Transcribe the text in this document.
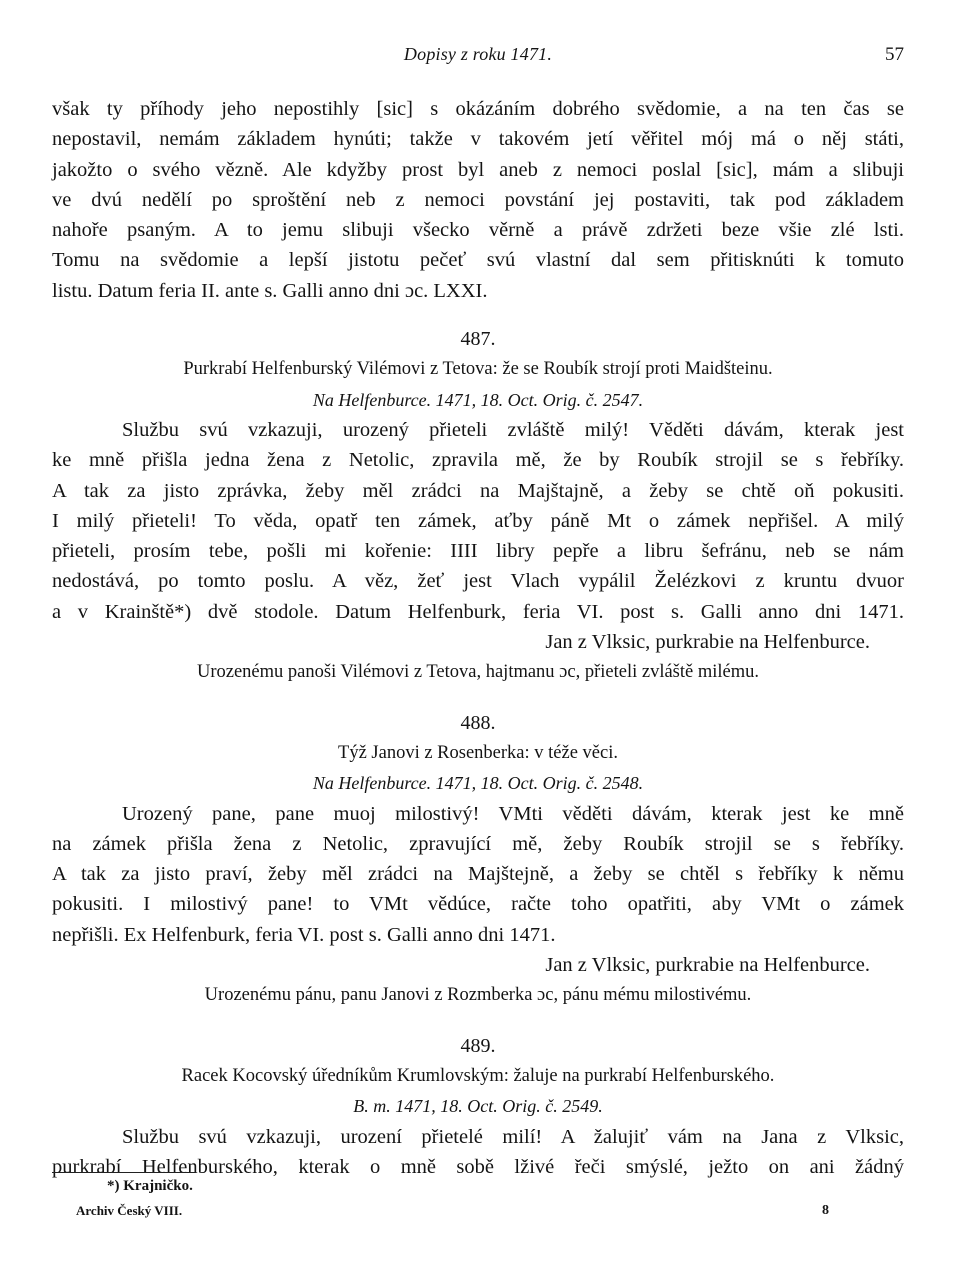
Dopisy z roku 1471.	57

však ty příhody jeho nepostihly [sic] s okázáním dobrého svědomie, a na ten čas se

nepostavil, nemám základem hynúti; takže v takovém jetí věřitel mój má o něj státi,

jakožto o svého vězně. Ale kdyžby prost byl aneb z nemoci poslal [sic], mám a slibuji

ve dvú nedělí po sproštění neb z nemoci povstání jej postaviti, tak pod základem

nahoře psaným. A to jemu slibuji všecko věrně a právě zdržeti beze všie zlé lsti.

Tomu na svědomie a lepší jistotu pečeť svú vlastní dal sem přitisknúti k tomuto

listu. Datum feria II. ante s. Galli anno dni ɔc. LXXI.

487.
Purkrabí Helfenburský Vilémovi z Tetova: že se Roubík strojí proti Maidšteinu.
Na Helfenburce. 1471, 18. Oct. Orig. č. 2547.

Službu svú vzkazuji, urozený přieteli zvláště milý! Věděti dávám, kterak jest

ke mně přišla jedna žena z Netolic, zpravila mě, že by Roubík strojil se s řebříky.

A tak za jisto zprávka, žeby měl zrádci na Majštajně, a žeby se chtě oň pokusiti.

I milý přieteli! To věda, opatř ten zámek, aťby páně Mt o zámek nepřišel. A milý

přieteli, prosím tebe, pošli mi kořenie: IIII libry pepře a libru šefránu, neb se nám

nedostává, po tomto poslu. A věz, žeť jest Vlach vypálil Želézkovi z kruntu dvuor

a v Krainště*) dvě stodole. Datum Helfenburk, feria VI. post s. Galli anno dni 1471.

Jan z Vlksic, purkrabie na Helfenburce.
Urozenému panoši Vilémovi z Tetova, hajtmanu ɔc, přieteli zvláště milému.
488.
Týž Janovi z Rosenberka: v téže věci.
Na Helfenburce. 1471, 18. Oct. Orig. č. 2548.

Urozený pane, pane muoj milostivý! VMti věděti dávám, kterak jest ke mně

na zámek přišla žena z Netolic, zpravující mě, žeby Roubík strojil se s řebříky.

A tak za jisto praví, žeby měl zrádci na Majštejně, a žeby se chtěl s řebříky k němu

pokusiti. I milostivý pane! to VMt vědúce, račte toho opatřiti, aby VMt o zámek

nepřišli. Ex Helfenburk, feria VI. post s. Galli anno dni 1471.

Jan z Vlksic, purkrabie na Helfenburce.
Urozenému pánu, panu Janovi z Rozmberka ɔc, pánu mému milostivému.
489.
Racek Kocovský úředníkům Krumlovským: žaluje na purkrabí Helfenburského.
B. m. 1471, 18. Oct. Orig. č. 2549.

Službu svú vzkazuji, urození přietelé milí! A žalujiť vám na Jana z Vlksic,

purkrabí Helfenburského, kterak o mně sobě lživé řeči smýslé, ježto on ani žádný

*) Krajničko.
Archiv Český VIII.	8
